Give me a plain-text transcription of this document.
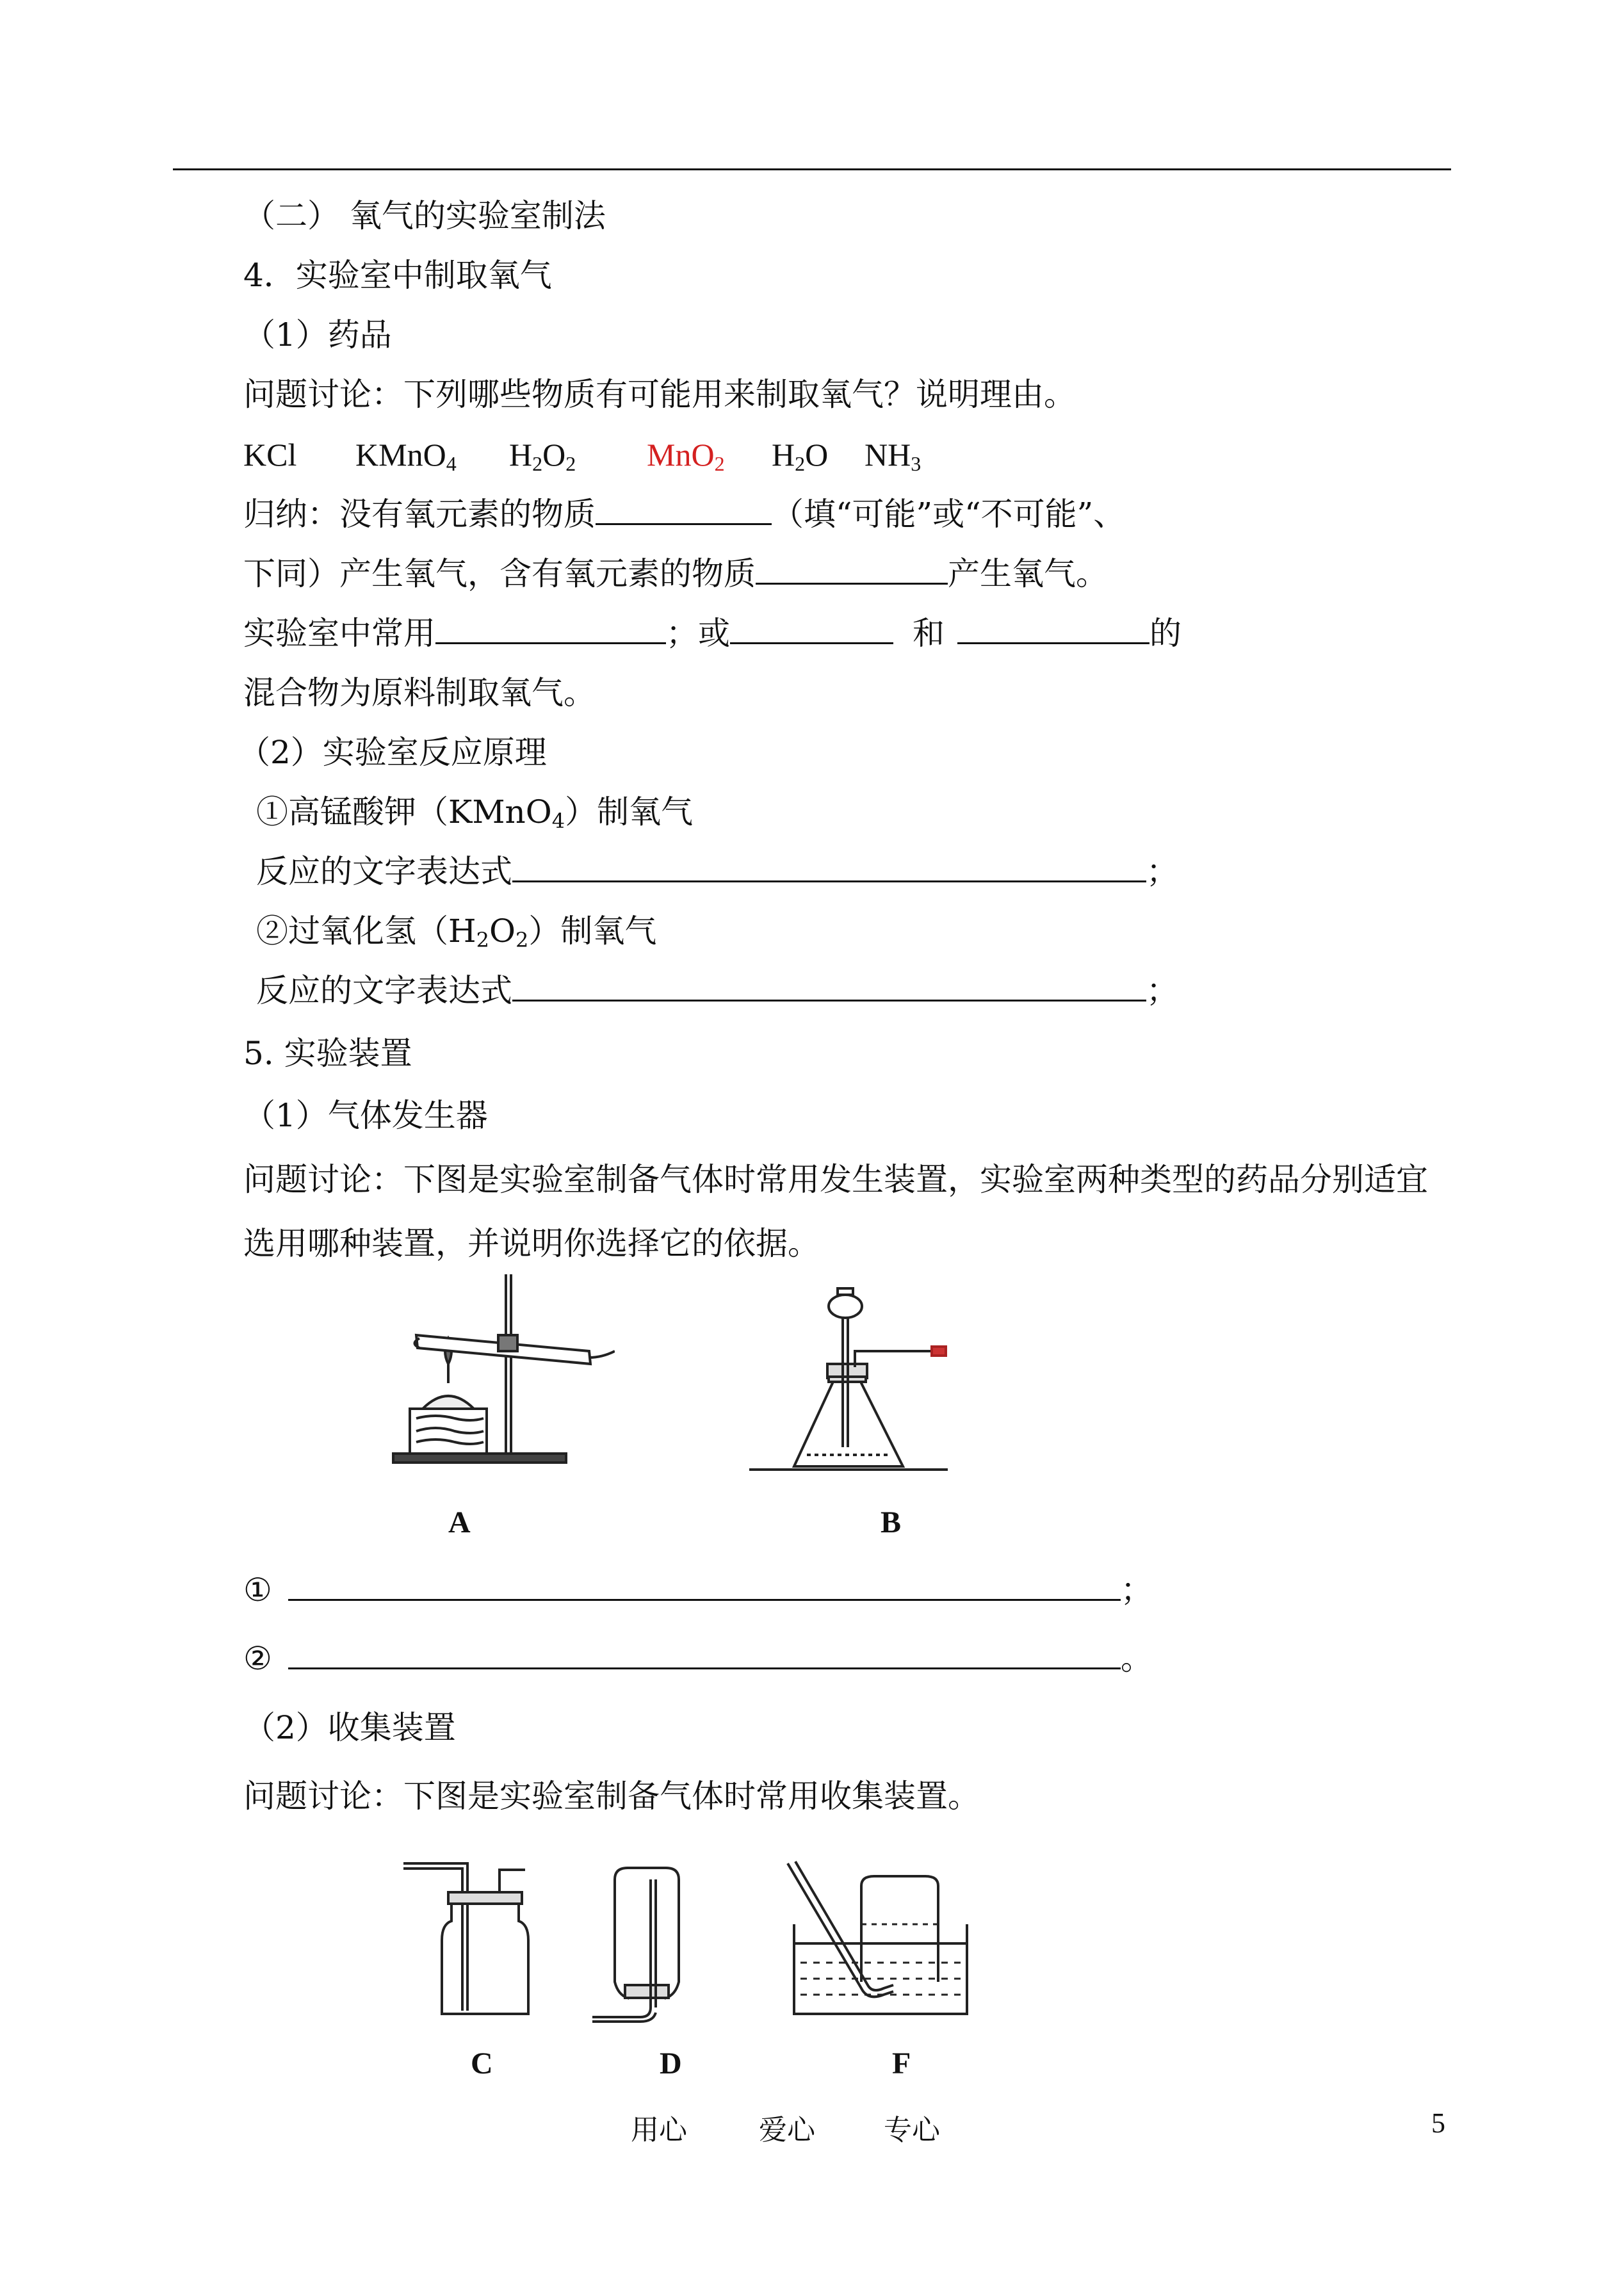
（二） 氧气的实验室制法
4．实验室中制取氧气
（1）药品
问题讨论：下列哪些物质有可能用来制取氧气？说明理由。
KCl KMnO$_4$ $H_2O_2$ MnO$_2$ $H_2O$ $NH_3$
归纳：没有氧元素的物质	（填“可能”或“不可能”、
下同）产生氧气，含有氧元素的物质	产生氧气。
实验室中常用	；或	和	的
混合物为原料制取氧气。
（2）实验室反应原理
①高锰酸钾（KMnO$_4$）制氧气
反应的文字表达式	；
②过氧化氢$(H_2O_2)$制氧气
反应的文字表达式	；
5. 实验装置
（1）气体发生器
问题讨论：下图是实验室制备气体时常用发生装置，实验室两种类型的药品分别适宜
选用哪种装置，并说明你选择它的依据。
A	B
①	；
②	。
（2）收集装置
问题讨论：下图是实验室制备气体时常用收集装置。
C	D	F
用心	爱心 专心	5
